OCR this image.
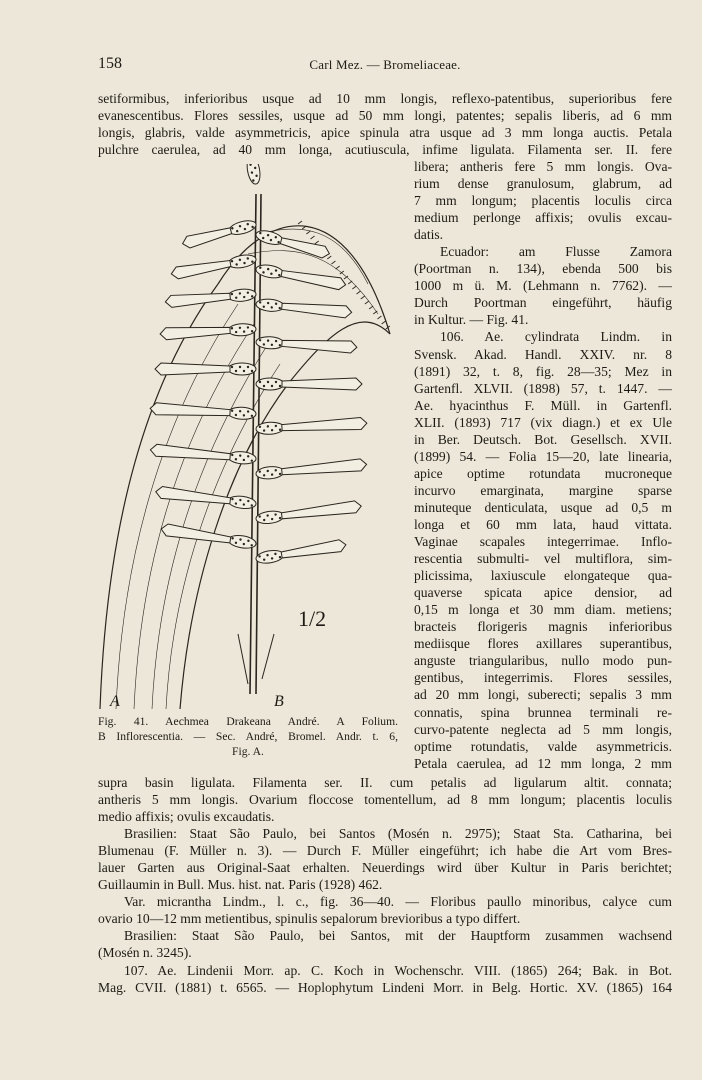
158	Carl Mez. — Bromeliaceae.
setiformibus, inferioribus usque ad 10 mm longis, reflexo-patentibus, superioribus fere
evanescentibus. Flores sessiles, usque ad 50 mm longi, patentes; sepalis liberis, ad 6 mm
longis, glabris, valde asymmetricis, apice spinula atra usque ad 3 mm longa auctis. Petala
pulchre caerulea, ad 40 mm longa, acutiuscula, infime ligulata. Filamenta ser. II. fere
libera; antheris fere 5 mm longis. Ova-
rium dense granulosum, glabrum, ad
7 mm longum; placentis loculis circa
medium perlonge affixis; ovulis excau-
datis.
Ecuador: am Flusse Zamora
(Poortman n. 134), ebenda 500 bis
1000 m ü. M. (Lehmann n. 7762). —
Durch Poortman eingeführt, häufig
in Kultur. — Fig. 41.
106. Ae. cylindrata Lindm. in
Svensk. Akad. Handl. XXIV. nr. 8
(1891) 32, t. 8, fig. 28—35; Mez in
Gartenfl. XLVII. (1898) 57, t. 1447. —
Ae. hyacinthus F. Müll. in Gartenfl.
XLII. (1893) 717 (vix diagn.) et ex Ule
in Ber. Deutsch. Bot. Gesellsch. XVII.
(1899) 54. — Folia 15—20, late linearia,
apice optime rotundata mucroneque
incurvo emarginata, margine sparse
minuteque denticulata, usque ad 0,5 m
longa et 60 mm lata, haud vittata.
Vaginae scapales integerrimae. Inflo-
rescentia submulti- vel multiflora, sim-
plicissima, laxiuscule elongateque qua-
quaverse spicata apice densior, ad
0,15 m longa et 30 mm diam. metiens;
bracteis florigeris magnis inferioribus
mediisque flores axillares superantibus,
anguste triangularibus, nullo modo pun-
gentibus, integerrimis. Flores sessiles,
ad 20 mm longi, suberecti; sepalis 3 mm
connatis, spina brunnea terminali re-
curvo-patente neglecta ad 5 mm longis,
optime rotundatis, valde asymmetricis.
Petala caerulea, ad 12 mm longa, 2 mm
A	B
1/2
Fig. 41. Aechmea Drakeana André. A Folium.
B Inflorescentia. — Sec. André, Bromel. Andr. t. 6,
Fig. A.
supra basin ligulata. Filamenta ser. II. cum petalis ad ligularum altit. connata;
antheris 5 mm longis. Ovarium floccose tomentellum, ad 8 mm longum; placentis loculis
medio affixis; ovulis excaudatis.
Brasilien: Staat São Paulo, bei Santos (Mosén n. 2975); Staat Sta. Catharina, bei
Blumenau (F. Müller n. 3). — Durch F. Müller eingeführt; ich habe die Art vom Bres-
lauer Garten aus Original-Saat erhalten. Neuerdings wird über Kultur in Paris berichtet;
Guillaumin in Bull. Mus. hist. nat. Paris (1928) 462.
Var. micrantha Lindm., l. c., fig. 36—40. — Floribus paullo minoribus, calyce cum
ovario 10—12 mm metientibus, spinulis sepalorum brevioribus a typo differt.
Brasilien: Staat São Paulo, bei Santos, mit der Hauptform zusammen wachsend
(Mosén n. 3245).
107. Ae. Lindenii Morr. ap. C. Koch in Wochenschr. VIII. (1865) 264; Bak. in Bot.
Mag. CVII. (1881) t. 6565. — Hoplophytum Lindeni Morr. in Belg. Hortic. XV. (1865) 164
